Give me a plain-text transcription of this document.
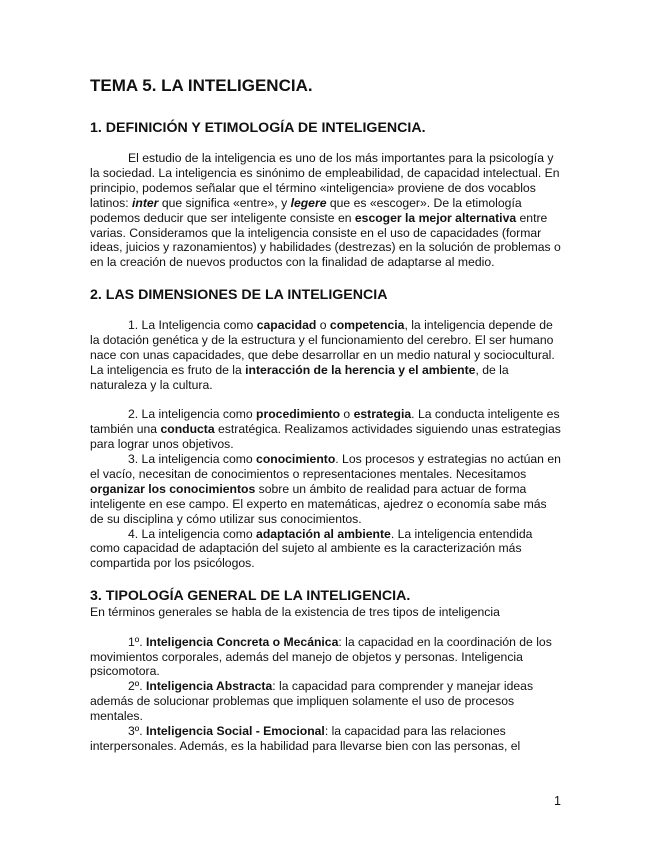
TEMA 5. LA INTELIGENCIA.
1. DEFINICIÓN Y ETIMOLOGÍA DE INTELIGENCIA.

El estudio de la inteligencia es uno de los más importantes para la psicología y la sociedad. La inteligencia es sinónimo de empleabilidad, de capacidad intelectual. En principio, podemos señalar que el término «inteligencia» proviene de dos vocablos latinos: inter que significa «entre», y legere que es «escoger». De la etimología podemos deducir que ser inteligente consiste en escoger la mejor alternativa entre varias. Consideramos que la inteligencia consiste en el uso de capacidades (formar ideas, juicios y razonamientos) y habilidades (destrezas) en la solución de problemas o en la creación de nuevos productos con la finalidad de adaptarse al medio.

2. LAS DIMENSIONES DE LA INTELIGENCIA

1. La Inteligencia como capacidad o competencia, la inteligencia depende de la dotación genética y de la estructura y el funcionamiento del cerebro. El ser humano nace con unas capacidades, que debe desarrollar en un medio natural y sociocultural. La inteligencia es fruto de la interacción de la herencia y el ambiente, de la naturaleza y la cultura.

2. La inteligencia como procedimiento o estrategia. La conducta inteligente es también una conducta estratégica. Realizamos actividades siguiendo unas estrategias para lograr unos objetivos.

3. La inteligencia como conocimiento. Los procesos y estrategias no actúan en el vacío, necesitan de conocimientos o representaciones mentales. Necesitamos organizar los conocimientos sobre un ámbito de realidad para actuar de forma inteligente en ese campo. El experto en matemáticas, ajedrez o economía sabe más de su disciplina y cómo utilizar sus conocimientos.

4. La inteligencia como adaptación al ambiente. La inteligencia entendida como capacidad de adaptación del sujeto al ambiente es la caracterización más compartida por los psicólogos.

3. TIPOLOGÍA GENERAL DE LA INTELIGENCIA.

En términos generales se habla de la existencia de tres tipos de inteligencia

1º. Inteligencia Concreta o Mecánica: la capacidad en la coordinación de los movimientos corporales, además del manejo de objetos y personas. Inteligencia psicomotora.

2º. Inteligencia Abstracta: la capacidad para comprender y manejar ideas además de solucionar problemas que impliquen solamente el uso de procesos mentales.

3º. Inteligencia Social - Emocional: la capacidad para las relaciones interpersonales. Además, es la habilidad para llevarse bien con las personas, el

1
